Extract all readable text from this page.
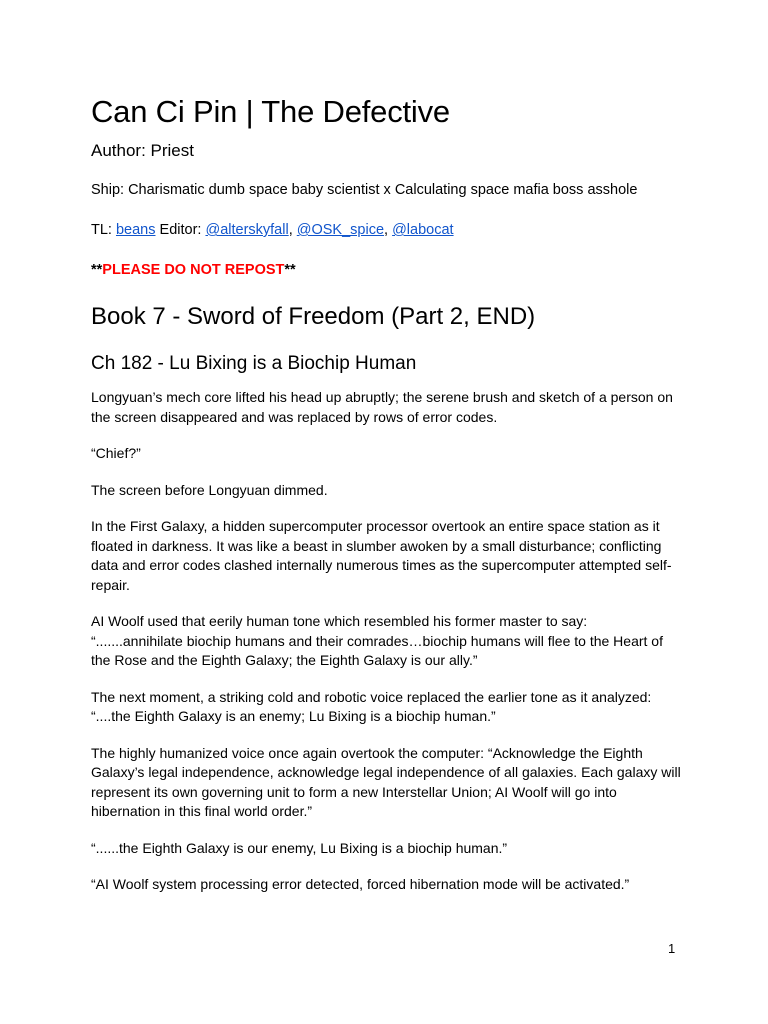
Can Ci Pin | The Defective

Author: Priest

Ship: Charismatic dumb space baby scientist x Calculating space mafia boss asshole

TL: beans Editor: @alterskyfall, @OSK_spice, @labocat

**PLEASE DO NOT REPOST**

Book 7 - Sword of Freedom (Part 2, END)
Ch 182 - Lu Bixing is a Biochip Human

Longyuan’s mech core lifted his head up abruptly; the serene brush and sketch of a person on the screen disappeared and was replaced by rows of error codes.

“Chief?”

The screen before Longyuan dimmed.

In the First Galaxy, a hidden supercomputer processor overtook an entire space station as it floated in darkness. It was like a beast in slumber awoken by a small disturbance; conflicting data and error codes clashed internally numerous times as the supercomputer attempted self-repair.

AI Woolf used that eerily human tone which resembled his former master to say: “.......annihilate biochip humans and their comrades…biochip humans will flee to the Heart of the Rose and the Eighth Galaxy; the Eighth Galaxy is our ally.”

The next moment, a striking cold and robotic voice replaced the earlier tone as it analyzed: “....the Eighth Galaxy is an enemy; Lu Bixing is a biochip human.”

The highly humanized voice once again overtook the computer: “Acknowledge the Eighth Galaxy’s legal independence, acknowledge legal independence of all galaxies. Each galaxy will represent its own governing unit to form a new Interstellar Union; AI Woolf will go into hibernation in this final world order.”

“......the Eighth Galaxy is our enemy, Lu Bixing is a biochip human.”

“AI Woolf system processing error detected, forced hibernation mode will be activated.”

1
